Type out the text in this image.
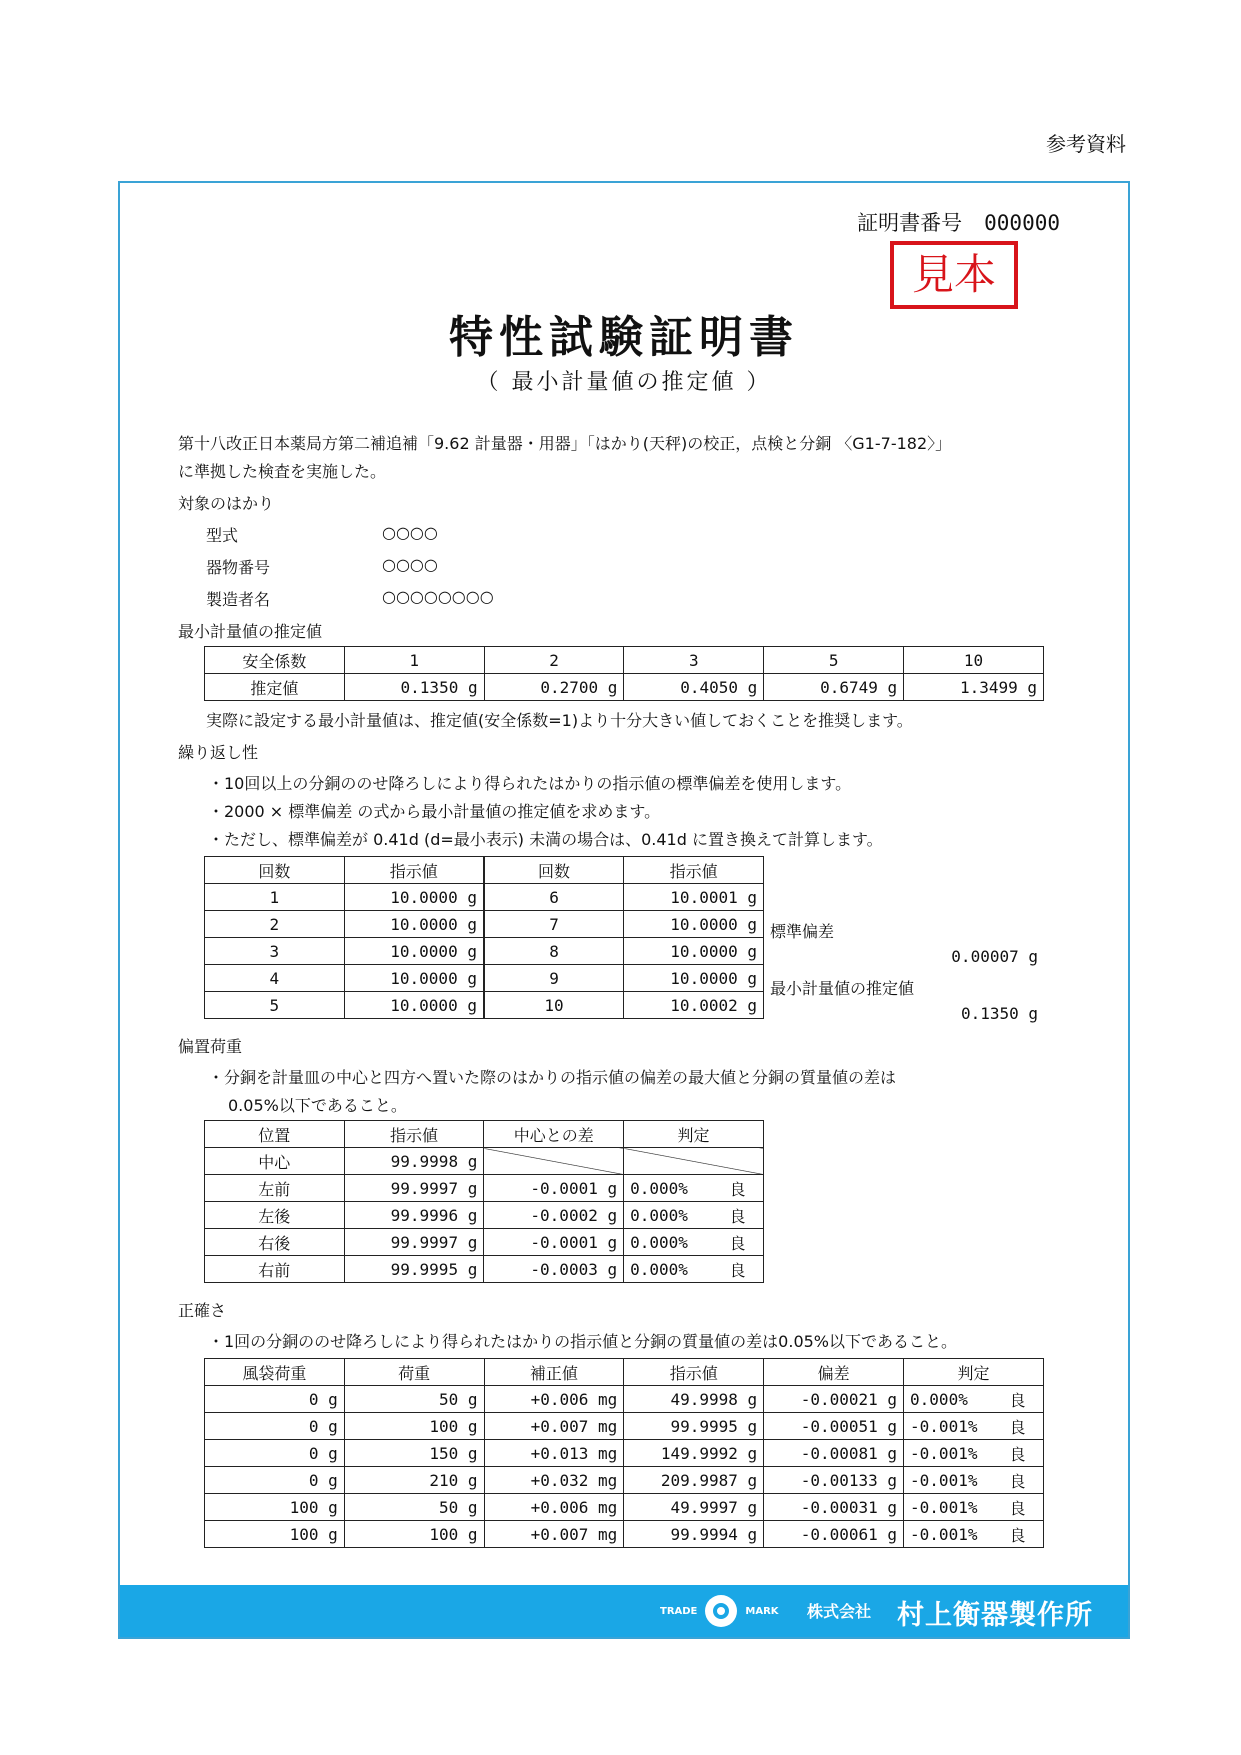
参考資料
証明書番号 000000
見本
特性試験証明書
（ 最小計量値の推定値 ）
第十八改正日本薬局方第二補追補「9.62 計量器・用器」「はかり(天秤)の校正，点検と分銅 〈G1-7-182〉」
に準拠した検査を実施した。
対象のはかり
型式	○○○○
器物番号	○○○○
製造者名	○○○○○○○○
最小計量値の推定値
安全係数	1	2	3	5	10
推定値	0.1350 g	0.2700 g	0.4050 g	0.6749 g	1.3499 g
実際に設定する最小計量値は、推定値(安全係数=1)より十分大きい値しておくことを推奨します。
繰り返し性
・10回以上の分銅ののせ降ろしにより得られたはかりの指示値の標準偏差を使用します。
・2000 × 標準偏差 の式から最小計量値の推定値を求めます。
・ただし、標準偏差が 0.41d (d=最小表示) 未満の場合は、0.41d に置き換えて計算します。
回数	指示値	回数	指示値
1	10.0000 g	6	10.0001 g
2	10.0000 g	7	10.0000 g
3	10.0000 g	8	10.0000 g
4	10.0000 g	9	10.0000 g
5	10.0000 g	10	10.0002 g
標準偏差
0.00007 g
最小計量値の推定値
0.1350 g
偏置荷重
・分銅を計量皿の中心と四方へ置いた際のはかりの指示値の偏差の最大値と分銅の質量値の差は
0.05%以下であること。
位置	指示値	中心との差	判定	
中心	99.9998 g			
左前	99.9997 g	-0.0001 g	0.000%	良
左後	99.9996 g	-0.0002 g	0.000%	良
右後	99.9997 g	-0.0001 g	0.000%	良
右前	99.9995 g	-0.0003 g	0.000%	良
正確さ
・1回の分銅ののせ降ろしにより得られたはかりの指示値と分銅の質量値の差は0.05%以下であること。
風袋荷重	荷重	補正値	指示値	偏差	判定	
0 g	50 g	+0.006 mg	49.9998 g	-0.00021 g	0.000%	良
0 g	100 g	+0.007 mg	99.9995 g	-0.00051 g	-0.001%	良
0 g	150 g	+0.013 mg	149.9992 g	-0.00081 g	-0.001%	良
0 g	210 g	+0.032 mg	209.9987 g	-0.00133 g	-0.001%	良
100 g	50 g	+0.006 mg	49.9997 g	-0.00031 g	-0.001%	良
100 g	100 g	+0.007 mg	99.9994 g	-0.00061 g	-0.001%	良
TRADE	MARK 株式会社 村上衡器製作所
